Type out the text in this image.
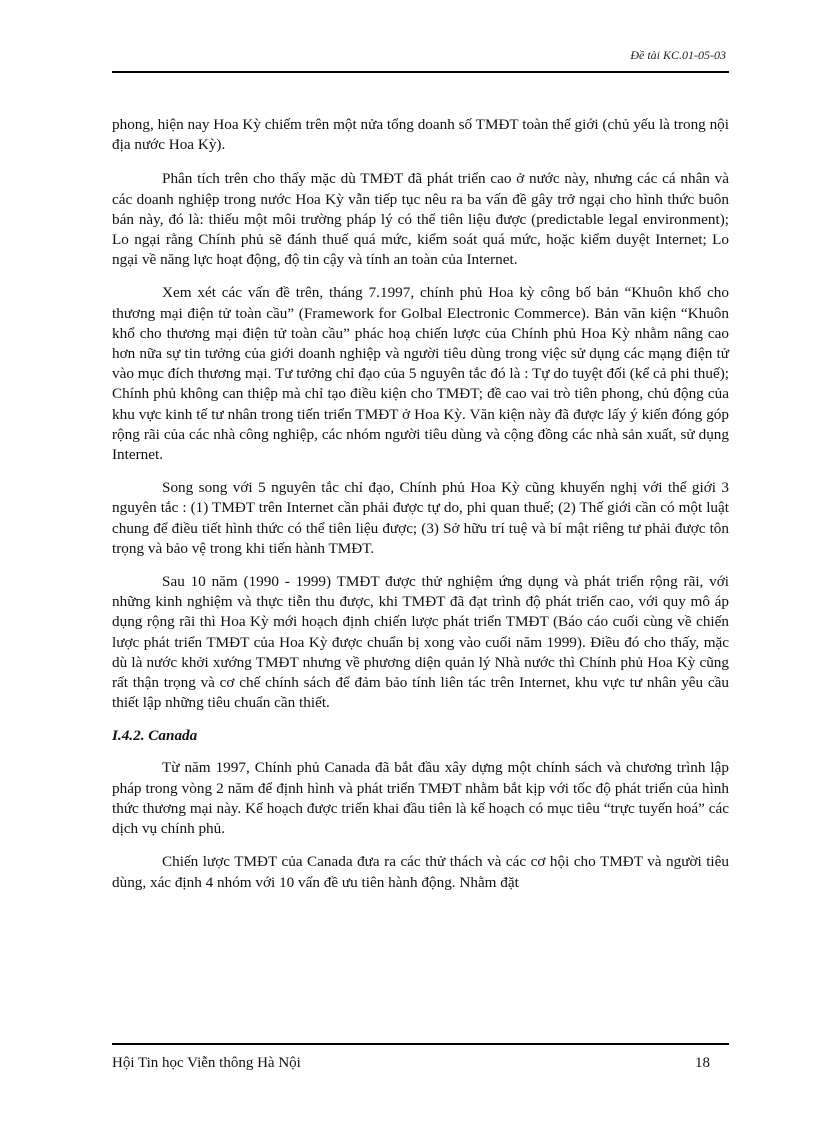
Đề tài KC.01-05-03

phong, hiện nay Hoa Kỳ chiếm trên một nửa tổng doanh số TMĐT toàn thế giới (chủ yếu là trong nội địa nước Hoa Kỳ).

Phân tích trên cho thấy mặc dù TMĐT đã phát triển cao ở nước này, nhưng các cá nhân và các doanh nghiệp trong nước Hoa Kỳ vẫn tiếp tục nêu ra ba vấn đề gây trở ngại cho hình thức buôn bán này, đó là: thiếu một môi trường pháp lý có thể tiên liệu được (predictable legal environment); Lo ngại rằng Chính phủ sẽ đánh thuế quá mức, kiểm soát quá mức, hoặc kiểm duyệt Internet; Lo ngại về năng lực hoạt động, độ tin cậy và tính an toàn của Internet.

Xem xét các vấn đề trên, tháng 7.1997, chính phủ Hoa kỳ công bố bản “Khuôn khổ cho thương mại điện tử toàn cầu” (Framework for Golbal Electronic Commerce). Bản văn kiện “Khuôn khổ cho thương mại điện tử toàn cầu” phác hoạ chiến lược của Chính phủ Hoa Kỳ nhằm nâng cao hơn nữa sự tin tưởng của giới doanh nghiệp và người tiêu dùng trong việc sử dụng các mạng điện tử vào mục đích thương mại. Tư tưởng chỉ đạo của 5 nguyên tắc đó là : Tự do tuyệt đối (kể cả phi thuế); Chính phủ không can thiệp mà chỉ tạo điều kiện cho TMĐT; đề cao vai trò tiên phong, chủ động của khu vực kinh tế tư nhân trong tiến triển TMĐT ở Hoa Kỳ. Văn kiện này đã được lấy ý kiến đóng góp rộng rãi của các nhà công nghiệp, các nhóm người tiêu dùng và cộng đồng các nhà sản xuất, sử dụng Internet.

Song song với 5 nguyên tắc chỉ đạo, Chính phủ Hoa Kỳ cũng khuyến nghị với thế giới 3 nguyên tắc : (1) TMĐT trên Internet cần phải được tự do, phi quan thuế; (2) Thế giới cần có một luật chung để điều tiết hình thức có thể tiên liệu được; (3) Sở hữu trí tuệ và bí mật riêng tư phải được tôn trọng và bảo vệ trong khi tiến hành TMĐT.

Sau 10 năm (1990 - 1999) TMĐT được thử nghiệm ứng dụng và phát triển rộng rãi, với những kinh nghiệm và thực tiễn thu được, khi TMĐT đã đạt trình độ phát triển cao, với quy mô áp dụng rộng rãi thì Hoa Kỳ mới hoạch định chiến lược phát triển TMĐT (Báo cáo cuối cùng về chiến lược phát triển TMĐT của Hoa Kỳ được chuẩn bị xong vào cuối năm 1999). Điều đó cho thấy, mặc dù là nước khởi xướng TMĐT nhưng về phương diện quản lý Nhà nước thì Chính phủ Hoa Kỳ cũng rất thận trọng và cơ chế chính sách để đảm bảo tính liên tác trên Internet, khu vực tư nhân yêu cầu thiết lập những tiêu chuẩn cần thiết.

I.4.2. Canada

Từ năm 1997, Chính phủ Canada đã bắt đầu xây dựng một chính sách và chương trình lập pháp trong vòng 2 năm để định hình và phát triển TMĐT nhằm bắt kịp với tốc độ phát triển của hình thức thương mại này. Kế hoạch được triển khai đầu tiên là kế hoạch có mục tiêu “trực tuyến hoá” các dịch vụ chính phủ.

Chiến lược TMĐT của Canada đưa ra các thử thách và các cơ hội cho TMĐT và người tiêu dùng, xác định 4 nhóm với 10 vấn đề ưu tiên hành động. Nhằm đặt

Hội Tin học Viễn thông Hà Nội	18
